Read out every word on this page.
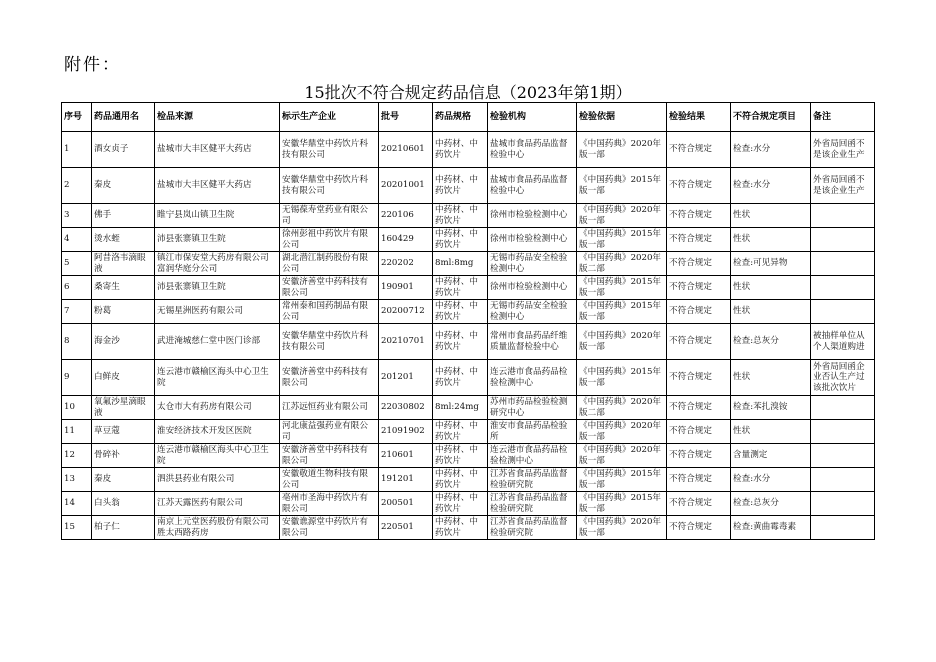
附件：
15批次不符合规定药品信息（2023年第1期）
序号	药品通用名	检品来源	标示生产企业	批号	药品规格	检验机构	检验依据	检验结果	不符合规定项目	备注
1	酒女贞子	盐城市大丰区健平大药店	安徽华鼎堂中药饮片科技有限公司	20210601	中药材、中药饮片	盐城市食品药品监督检验中心	《中国药典》2020年版一部	不符合规定	检查:水分	外省局回函不是该企业生产
2	秦皮	盐城市大丰区健平大药店	安徽华鼎堂中药饮片科技有限公司	20201001	中药材、中药饮片	盐城市食品药品监督检验中心	《中国药典》2015年版一部	不符合规定	检查:水分	外省局回函不是该企业生产
3	佛手	睢宁县岚山镇卫生院	无锡葆寿堂药业有限公司	220106	中药材、中药饮片	徐州市检验检测中心	《中国药典》2020年版一部	不符合规定	性状	
4	烫水蛭	沛县张寨镇卫生院	徐州彭祖中药饮片有限公司	160429	中药材、中药饮片	徐州市检验检测中心	《中国药典》2015年版一部	不符合规定	性状	
5	阿昔洛韦滴眼液	镇江市保安堂大药房有限公司富润华庭分公司	湖北潜江制药股份有限公司	220202	8ml:8mg	无锡市药品安全检验检测中心	《中国药典》2020年版二部	不符合规定	检查:可见异物	
6	桑寄生	沛县张寨镇卫生院	安徽济善堂中药科技有限公司	190901	中药材、中药饮片	徐州市检验检测中心	《中国药典》2015年版一部	不符合规定	性状	
7	粉葛	无锡星洲医药有限公司	常州泰和国药制品有限公司	20200712	中药材、中药饮片	无锡市药品安全检验检测中心	《中国药典》2015年版一部	不符合规定	性状	
8	海金沙	武进淹城慈仁堂中医门诊部	安徽华鼎堂中药饮片科技有限公司	20210701	中药材、中药饮片	常州市食品药品纤维质量监督检验中心	《中国药典》2020年版一部	不符合规定	检查:总灰分	被抽样单位从个人渠道购进
9	白鲜皮	连云港市赣榆区海头中心卫生院	安徽济善堂中药科技有限公司	201201	中药材、中药饮片	连云港市食品药品检验检测中心	《中国药典》2015年版一部	不符合规定	性状	外省局回函企业否认生产过该批次饮片
10	氧氟沙星滴眼液	太仓市大有药房有限公司	江苏远恒药业有限公司	22030802	8ml:24mg	苏州市药品检验检测研究中心	《中国药典》2020年版二部	不符合规定	检查:苯扎溴铵	
11	草豆蔻	淮安经济技术开发区医院	河北康益强药业有限公司	21091902	中药材、中药饮片	淮安市食品药品检验所	《中国药典》2020年版一部	不符合规定	性状	
12	骨碎补	连云港市赣榆区海头中心卫生院	安徽济善堂中药科技有限公司	210601	中药材、中药饮片	连云港市食品药品检验检测中心	《中国药典》2020年版一部	不符合规定	含量测定	
13	秦皮	泗洪县药业有限公司	安徽敬道生物科技有限公司	191201	中药材、中药饮片	江苏省食品药品监督检验研究院	《中国药典》2015年版一部	不符合规定	检查:水分	
14	白头翁	江苏天露医药有限公司	亳州市圣海中药饮片有限公司	200501	中药材、中药饮片	江苏省食品药品监督检验研究院	《中国药典》2015年版一部	不符合规定	检查:总灰分	
15	柏子仁	南京上元堂医药股份有限公司胜太西路药房	安徽谯源堂中药饮片有限公司	220501	中药材、中药饮片	江苏省食品药品监督检验研究院	《中国药典》2020年版一部	不符合规定	检查:黄曲霉毒素	
